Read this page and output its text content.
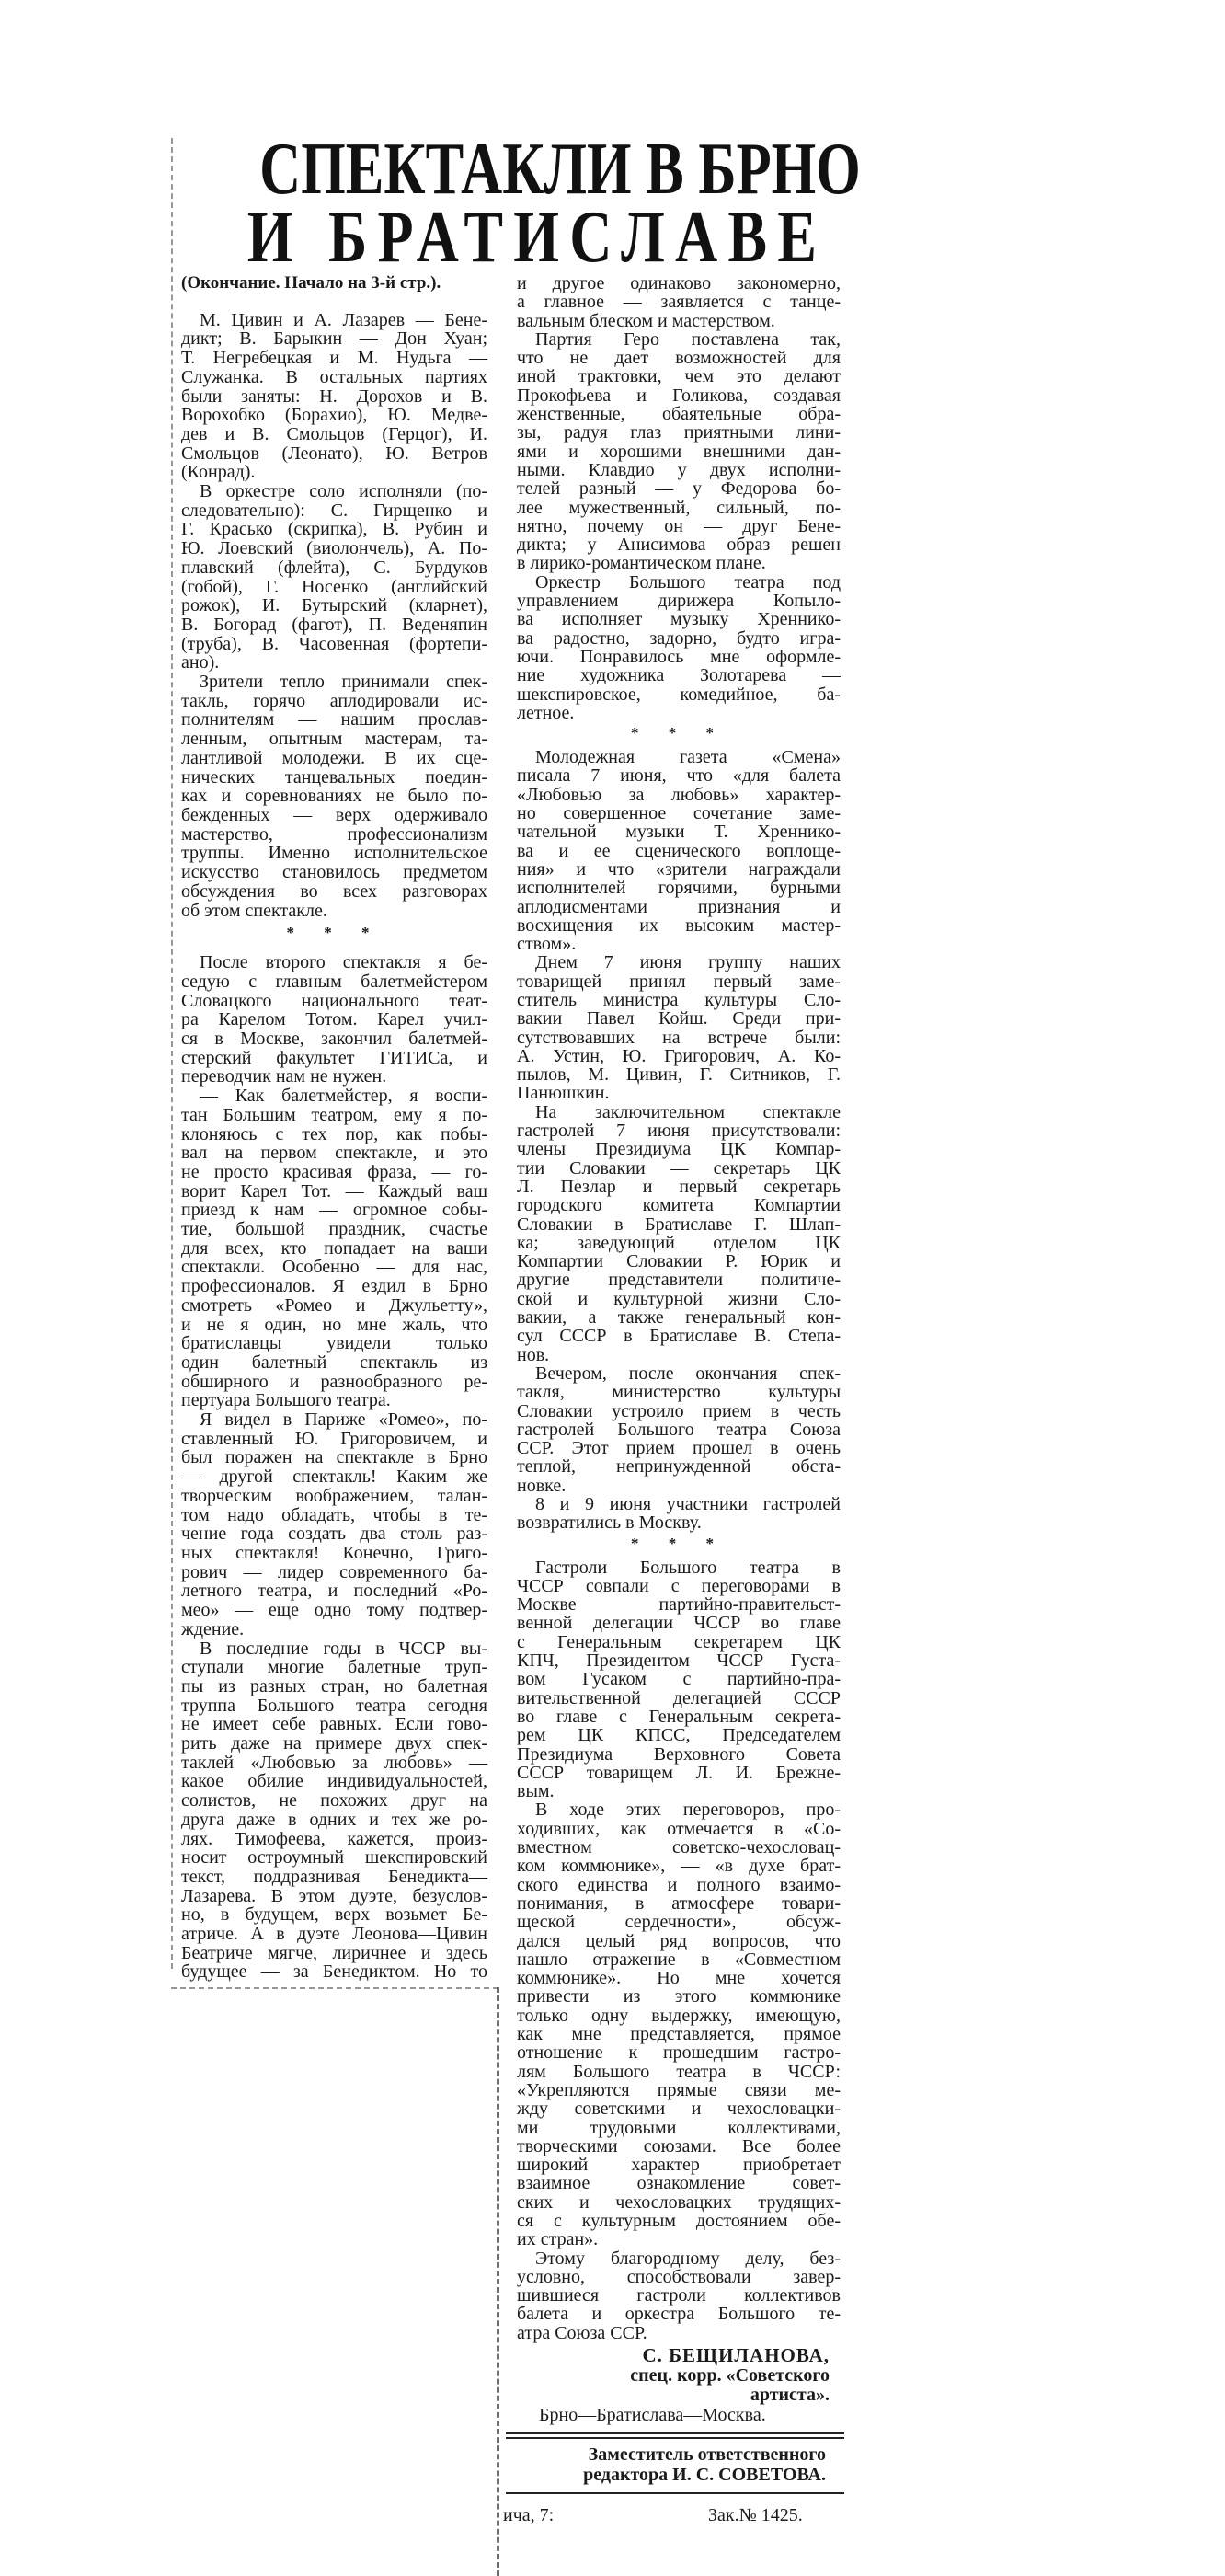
СПЕКТАКЛИ В БРНО
И БРАТИСЛАВЕ
(Окончание. Начало на 3-й стр.).
М. Цивин и А. Лазарев — Бене-
дикт; В. Барыкин — Дон Хуан;
Т. Негребецкая и М. Нудьга —
Служанка. В остальных партиях
были заняты: Н. Дорохов и В.
Ворохобко (Борахио), Ю. Медве-
дев и В. Смольцов (Герцог), И.
Смольцов (Леонато), Ю. Ветров
(Конрад).
В оркестре соло исполняли (по-
следовательно): С. Гирщенко и
Г. Красько (скрипка), В. Рубин и
Ю. Лоевский (виолончель), А. По-
плавский (флейта), С. Бурдуков
(гобой), Г. Носенко (английский
рожок), И. Бутырский (кларнет),
В. Богорад (фагот), П. Веденяпин
(труба), В. Часовенная (фортепи-
ано).
Зрители тепло принимали спек-
такль, горячо аплодировали ис-
полнителям — нашим прослав-
ленным, опытным мастерам, та-
лантливой молодежи. В их сце-
нических танцевальных поедин-
ках и соревнованиях не было по-
бежденных — верх одерживало
мастерство, профессионализм
труппы. Именно исполнительское
искусство становилось предметом
обсуждения во всех разговорах
об этом спектакле.
* * *
После второго спектакля я бе-
седую с главным балетмейстером
Словацкого национального теат-
ра Карелом Тотом. Карел учил-
ся в Москве, закончил балетмей-
стерский факультет ГИТИСа, и
переводчик нам не нужен.
— Как балетмейстер, я воспи-
тан Большим театром, ему я по-
клоняюсь с тех пор, как побы-
вал на первом спектакле, и это
не просто красивая фраза, — го-
ворит Карел Тот. — Каждый ваш
приезд к нам — огромное собы-
тие, большой праздник, счастье
для всех, кто попадает на ваши
спектакли. Особенно — для нас,
профессионалов. Я ездил в Брно
смотреть «Ромео и Джульетту»,
и не я один, но мне жаль, что
братиславцы увидели только
один балетный спектакль из
обширного и разнообразного ре-
пертуара Большого театра.
Я видел в Париже «Ромео», по-
ставленный Ю. Григоровичем, и
был поражен на спектакле в Брно
— другой спектакль! Каким же
творческим воображением, талан-
том надо обладать, чтобы в те-
чение года создать два столь раз-
ных спектакля! Конечно, Григо-
рович — лидер современного ба-
летного театра, и последний «Ро-
мео» — еще одно тому подтвер-
ждение.
В последние годы в ЧССР вы-
ступали многие балетные труп-
пы из разных стран, но балетная
труппа Большого театра сегодня
не имеет себе равных. Если гово-
рить даже на примере двух спек-
таклей «Любовью за любовь» —
какое обилие индивидуальностей,
солистов, не похожих друг на
друга даже в одних и тех же ро-
лях. Тимофеева, кажется, произ-
носит остроумный шекспировский
текст, поддразнивая Бенедикта—
Лазарева. В этом дуэте, безуслов-
но, в будущем, верх возьмет Бе-
атриче. А в дуэте Леонова—Цивин
Беатриче мягче, лиричнее и здесь
будущее — за Бенедиктом. Но то
и другое одинаково закономерно,
а главное — заявляется с танце-
вальным блеском и мастерством.
Партия Геро поставлена так,
что не дает возможностей для
иной трактовки, чем это делают
Прокофьева и Голикова, создавая
женственные, обаятельные обра-
зы, радуя глаз приятными лини-
ями и хорошими внешними дан-
ными. Клавдио у двух исполни-
телей разный — у Федорова бо-
лее мужественный, сильный, по-
нятно, почему он — друг Бене-
дикта; у Анисимова образ решен
в лирико-романтическом плане.
Оркестр Большого театра под
управлением дирижера Копыло-
ва исполняет музыку Хреннико-
ва радостно, задорно, будто игра-
ючи. Понравилось мне оформле-
ние художника Золотарева —
шекспировское, комедийное, ба-
летное.
* * *
Молодежная газета «Смена»
писала 7 июня, что «для балета
«Любовью за любовь» характер-
но совершенное сочетание заме-
чательной музыки Т. Хреннико-
ва и ее сценического воплоще-
ния» и что «зрители награждали
исполнителей горячими, бурными
аплодисментами признания и
восхищения их высоким мастер-
ством».
Днем 7 июня группу наших
товарищей принял первый заме-
ститель министра культуры Сло-
вакии Павел Койш. Среди при-
сутствовавших на встрече были:
А. Устин, Ю. Григорович, А. Ко-
пылов, М. Цивин, Г. Ситников, Г.
Панюшкин.
На заключительном спектакле
гастролей 7 июня присутствовали:
члены Президиума ЦК Компар-
тии Словакии — секретарь ЦК
Л. Пезлар и первый секретарь
городского комитета Компартии
Словакии в Братиславе Г. Шлап-
ка; заведующий отделом ЦК
Компартии Словакии Р. Юрик и
другие представители политиче-
ской и культурной жизни Сло-
вакии, а также генеральный кон-
сул СССР в Братиславе В. Степа-
нов.
Вечером, после окончания спек-
такля, министерство культуры
Словакии устроило прием в честь
гастролей Большого театра Союза
ССР. Этот прием прошел в очень
теплой, непринужденной обста-
новке.
8 и 9 июня участники гастролей
возвратились в Москву.
* * *
Гастроли Большого театра в
ЧССР совпали с переговорами в
Москве партийно-правительст-
венной делегации ЧССР во главе
с Генеральным секретарем ЦК
КПЧ, Президентом ЧССР Густа-
вом Гусаком с партийно-пра-
вительственной делегацией СССР
во главе с Генеральным секрета-
рем ЦК КПСС, Председателем
Президиума Верховного Совета
СССР товарищем Л. И. Брежне-
вым.
В ходе этих переговоров, про-
ходивших, как отмечается в «Со-
вместном советско-чехословац-
ком коммюнике», — «в духе брат-
ского единства и полного взаимо-
понимания, в атмосфере товари-
щеской сердечности», обсуж-
дался целый ряд вопросов, что
нашло отражение в «Совместном
коммюнике». Но мне хочется
привести из этого коммюнике
только одну выдержку, имеющую,
как мне представляется, прямое
отношение к прошедшим гастро-
лям Большого театра в ЧССР:
«Укрепляются прямые связи ме-
жду советскими и чехословацки-
ми трудовыми коллективами,
творческими союзами. Все более
широкий характер приобретает
взаимное ознакомление совет-
ских и чехословацких трудящих-
ся с культурным достоянием обе-
их стран».
Этому благородному делу, без-
условно, способствовали завер-
шившиеся гастроли коллективов
балета и оркестра Большого те-
атра Союза ССР.
С. БЕЩИЛАНОВА,
спец. корр. «Советского
артиста».
Брно—Братислава—Москва.
Заместитель ответственного
редактора И. С. СОВЕТОВА.
ича, 7:	Зак.№ 1425.
